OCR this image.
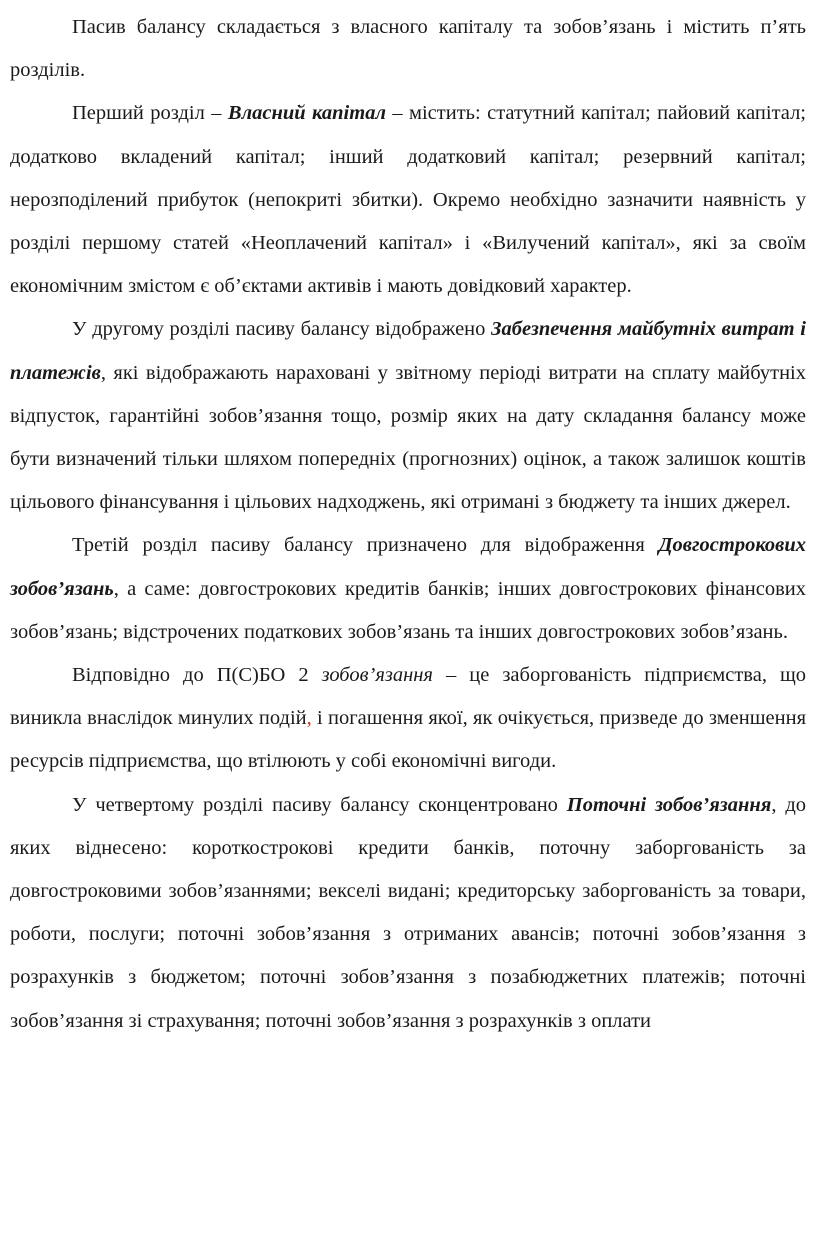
Пасив балансу складається з власного капіталу та зобов’язань і містить п’ять розділів.

Перший розділ – Власний капітал – містить: статутний капітал; пайовий капітал; додатково вкладений капітал; інший додатковий капітал; резервний капітал; нерозподілений прибуток (непокриті збитки). Окремо необхідно зазначити наявність у розділі першому статей «Неоплачений капітал» і «Вилучений капітал», які за своїм економічним змістом є об’єктами активів і мають довідковий характер.

У другому розділі пасиву балансу відображено Забезпечення майбутніх витрат і платежів, які відображають нараховані у звітному періоді витрати на сплату майбутніх відпусток, гарантійні зобов’язання тощо, розмір яких на дату складання балансу може бути визначений тільки шляхом попередніх (прогнозних) оцінок, а також залишок коштів цільового фінансування і цільових надходжень, які отримані з бюджету та інших джерел.

Третій розділ пасиву балансу призначено для відображення Довгострокових зобов’язань, а саме: довгострокових кредитів банків; інших довгострокових фінансових зобов’язань; відстрочених податкових зобов’язань та інших довгострокових зобов’язань.

Відповідно до П(С)БО 2 зобов’язання – це заборгованість підприємства, що виникла внаслідок минулих подій, і погашення якої, як очікується, призведе до зменшення ресурсів підприємства, що втілюють у собі економічні вигоди.

У четвертому розділі пасиву балансу сконцентровано Поточні зобов’язання, до яких віднесено: короткострокові кредити банків, поточну заборгованість за довгостроковими зобов’язаннями; векселі видані; кредиторську заборгованість за товари, роботи, послуги; поточні зобов’язання з отриманих авансів; поточні зобов’язання з розрахунків з бюджетом; поточні зобов’язання з позабюджетних платежів; поточні зобов’язання зі страхування; поточні зобов’язання з розрахунків з оплати
